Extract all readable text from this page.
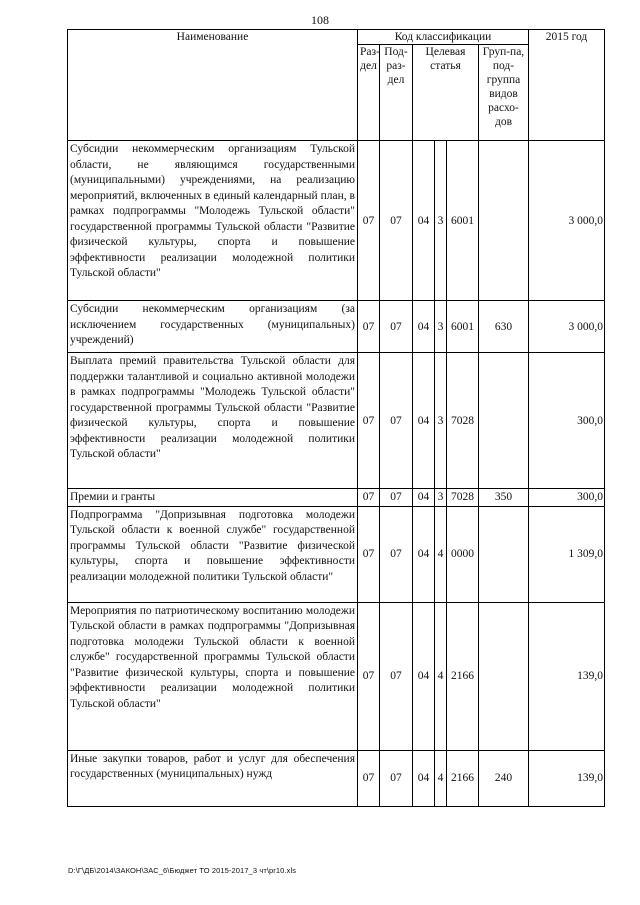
108
Наименование	Код классификации						2015 год
	Раз-дел	Под-раз-дел	Целевая статья			Груп-па, под-группа видов расхо-дов	
Субсидии некоммерческим организациям Тульской области, не являющимся государственными (муниципальными) учреждениями, на реализацию мероприятий, включенных в единый календарный план, в рамках подпрограммы "Молодежь Тульской области" государственной программы Тульской области "Развитие физической культуры, спорта и повышение эффективности реализации молодежной политики Тульской области"	07	07	04	3	6001		3 000,0
Субсидии некоммерческим организациям (за исключением государственных (муниципальных) учреждений)	07	07	04	3	6001	630	3 000,0
Выплата премий правительства Тульской области для поддержки талантливой и социально активной молодежи в рамках подпрограммы "Молодежь Тульской области" государственной программы Тульской области "Развитие физической культуры, спорта и повышение эффективности реализации молодежной политики Тульской области"	07	07	04	3	7028		300,0
Премии и гранты	07	07	04	3	7028	350	300,0
Подпрограмма "Допризывная подготовка молодежи Тульской области к военной службе" государственной программы Тульской области "Развитие физической культуры, спорта и повышение эффективности реализации молодежной политики Тульской области"	07	07	04	4	0000		1 309,0
Мероприятия по патриотическому воспитанию молодежи Тульской области в рамках подпрограммы "Допризывная подготовка молодежи Тульской области к военной службе" государственной программы Тульской области "Развитие физической культуры, спорта и повышение эффективности реализации молодежной политики Тульской области"	07	07	04	4	2166		139,0
Иные закупки товаров, работ и услуг для обеспечения государственных (муниципальных) нужд	07	07	04	4	2166	240	139,0
D:\Г\ДБ\2014\ЗАКОН\ЗАС_6\Бюджет ТО 2015-2017_3 чт\pr10.xls
